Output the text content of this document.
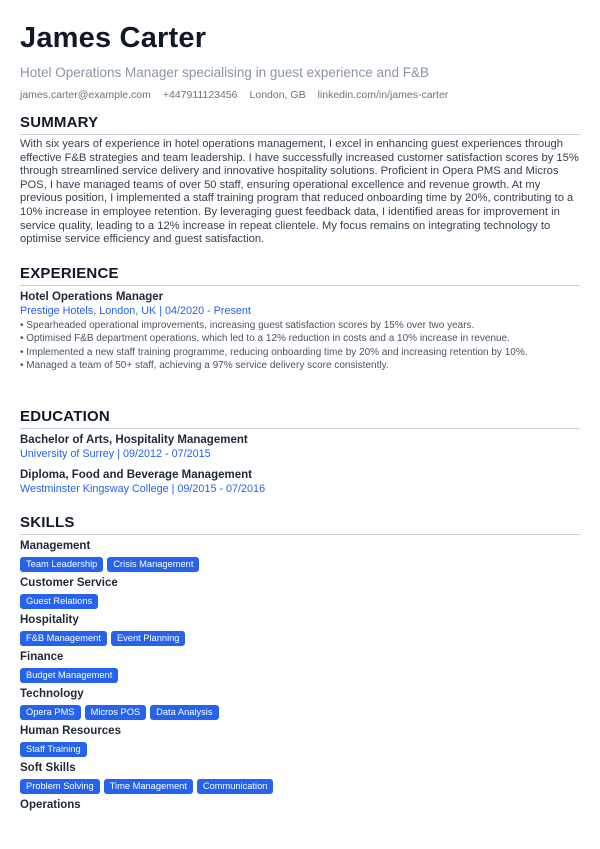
James Carter
Hotel Operations Manager specialising in guest experience and F&B
james.carter@example.com +447911123456 London, GB linkedin.com/in/james-carter
SUMMARY

With six years of experience in hotel operations management, I excel in enhancing guest experiences through effective F&B strategies and team leadership. I have successfully increased customer satisfaction scores by 15% through streamlined service delivery and innovative hospitality solutions. Proficient in Opera PMS and Micros POS, I have managed teams of over 50 staff, ensuring operational excellence and revenue growth. At my previous position, I implemented a staff training program that reduced onboarding time by 20%, contributing to a 10% increase in employee retention. By leveraging guest feedback data, I identified areas for improvement in service quality, leading to a 12% increase in repeat clientele. My focus remains on integrating technology to optimise service efficiency and guest satisfaction.

EXPERIENCE
Hotel Operations Manager
Prestige Hotels, London, UK | 04/2020 - Present
• Spearheaded operational improvements, increasing guest satisfaction scores by 15% over two years.
• Optimised F&B department operations, which led to a 12% reduction in costs and a 10% increase in revenue.
• Implemented a new staff training programme, reducing onboarding time by 20% and increasing retention by 10%.
• Managed a team of 50+ staff, achieving a 97% service delivery score consistently.
EDUCATION
Bachelor of Arts, Hospitality Management
University of Surrey | 09/2012 - 07/2015
Diploma, Food and Beverage Management
Westminster Kingsway College | 09/2015 - 07/2016
SKILLS
Management
Team Leadership	Crisis Management
Customer Service
Guest Relations
Hospitality
F&B Management	Event Planning
Finance
Budget Management
Technology
Opera PMS	Micros POS	Data Analysis
Human Resources
Staff Training
Soft Skills
Problem Solving	Time Management	Communication
Operations
